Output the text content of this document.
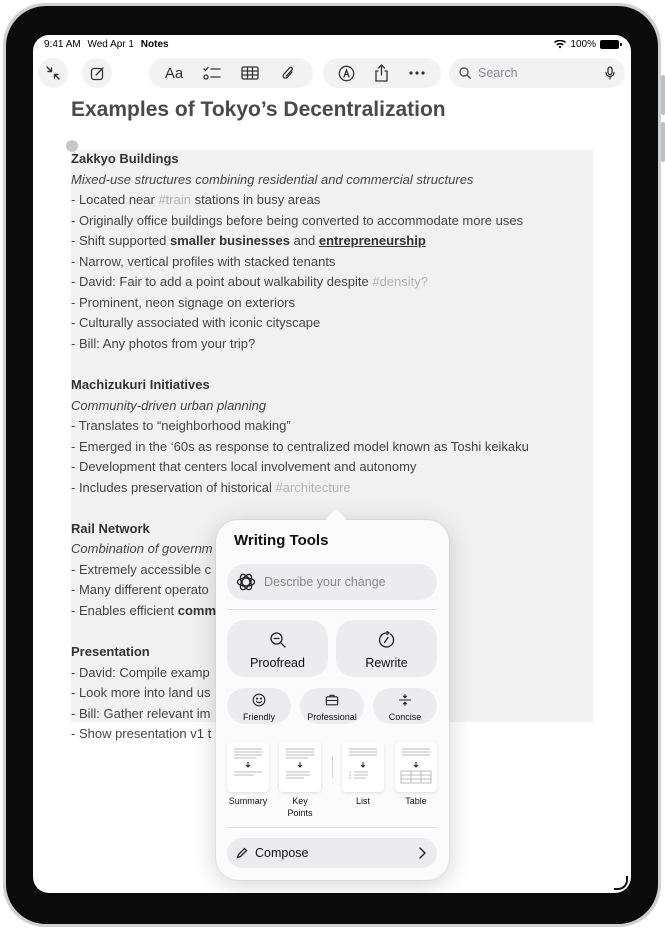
9:41 AM Wed Apr 1 Notes	100%
Aa	Search
Examples of Tokyo’s Decentralization
Zakkyo Buildings
Mixed-use structures combining residential and commercial structures
- Located near #train stations in busy areas
- Originally office buildings before being converted to accommodate more uses
- Shift supported smaller businesses and entrepreneurship
- Narrow, vertical profiles with stacked tenants
- David: Fair to add a point about walkability despite #density?
- Prominent, neon signage on exteriors
- Culturally associated with iconic cityscape
- Bill: Any photos from your trip?

Machizukuri Initiatives
Community-driven urban planning
- Translates to “neighborhood making”
- Emerged in the ‘60s as response to centralized model known as Toshi keikaku
- Development that centers local involvement and autonomy
- Includes preservation of historical #architecture

Rail Network
Combination of governm
- Extremely accessible c
- Many different operato
- Enables efficient comm

Presentation
- David: Compile examp
- Look more into land us
- Bill: Gather relevant im
- Show presentation v1 t
Writing Tools
Describe your change
Proofread	Rewrite
Friendly	Professional	Concise
Summary	Key
Points
List	Table
Compose
